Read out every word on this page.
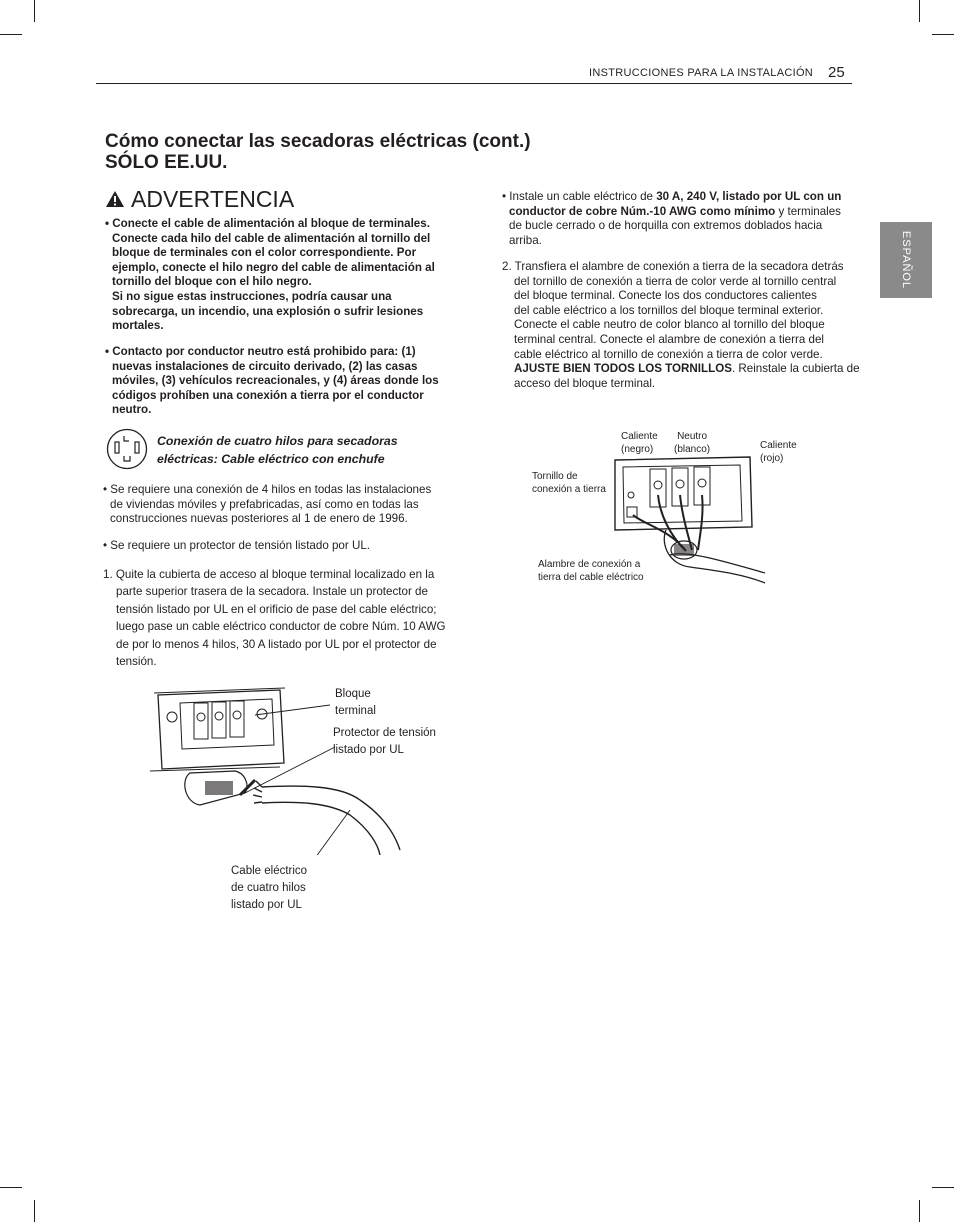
INSTRUCCIONES PARA LA INSTALACIÓN 25
ESPAÑOL
Cómo conectar las secadoras eléctricas (cont.)
SÓLO EE.UU.
ADVERTENCIA
• Conecte el cable de alimentación al bloque de terminales.
Conecte cada hilo del cable de alimentación al tornillo del
bloque de terminales con el color correspondiente. Por
ejemplo, conecte el hilo negro del cable de alimentación al
tornillo del bloque con el hilo negro.
Si no sigue estas instrucciones, podría causar una
sobrecarga, un incendio, una explosión o sufrir lesiones
mortales.
• Contacto por conductor neutro está prohibido para: (1)
nuevas instalaciones de circuito derivado, (2) las casas
móviles, (3) vehículos recreacionales, y (4) áreas donde los
códigos prohíben una conexión a tierra por el conductor
neutro.
Conexión de cuatro hilos para secadoras
eléctricas: Cable eléctrico con enchufe
• Se requiere una conexión de 4 hilos en todas las instalaciones
de viviendas móviles y prefabricadas, así como en todas las
construcciones nuevas posteriores al 1 de enero de 1996.
• Se requiere un protector de tensión listado por UL.
1. Quite la cubierta de acceso al bloque terminal localizado en la
parte superior trasera de la secadora. Instale un protector de
tensión listado por UL en el orificio de pase del cable eléctrico;
luego pase un cable eléctrico conductor de cobre Núm. 10 AWG
de por lo menos 4 hilos, 30 A listado por UL por el protector de
tensión.
• Instale un cable eléctrico de 30 A, 240 V, listado por UL con un
conductor de cobre Núm.-10 AWG como mínimo y terminales
de bucle cerrado o de horquilla con extremos doblados hacia
arriba.
2. Transfiera el alambre de conexión a tierra de la secadora detrás
del tornillo de conexión a tierra de color verde al tornillo central
del bloque terminal. Conecte los dos conductores calientes
del cable eléctrico a los tornillos del bloque terminal exterior.
Conecte el cable neutro de color blanco al tornillo del bloque
terminal central. Conecte el alambre de conexión a tierra del
cable eléctrico al tornillo de conexión a tierra de color verde.
AJUSTE BIEN TODOS LOS TORNILLOS. Reinstale la cubierta de
acceso del bloque terminal.
Caliente
(negro)
Neutro
(blanco)	Caliente
(rojo)
Tornillo de
conexión a tierra
Alambre de conexión a
tierra del cable eléctrico
Bloque
terminal
Protector de tensión
listado por UL
Cable eléctrico
de cuatro hilos
listado por UL
